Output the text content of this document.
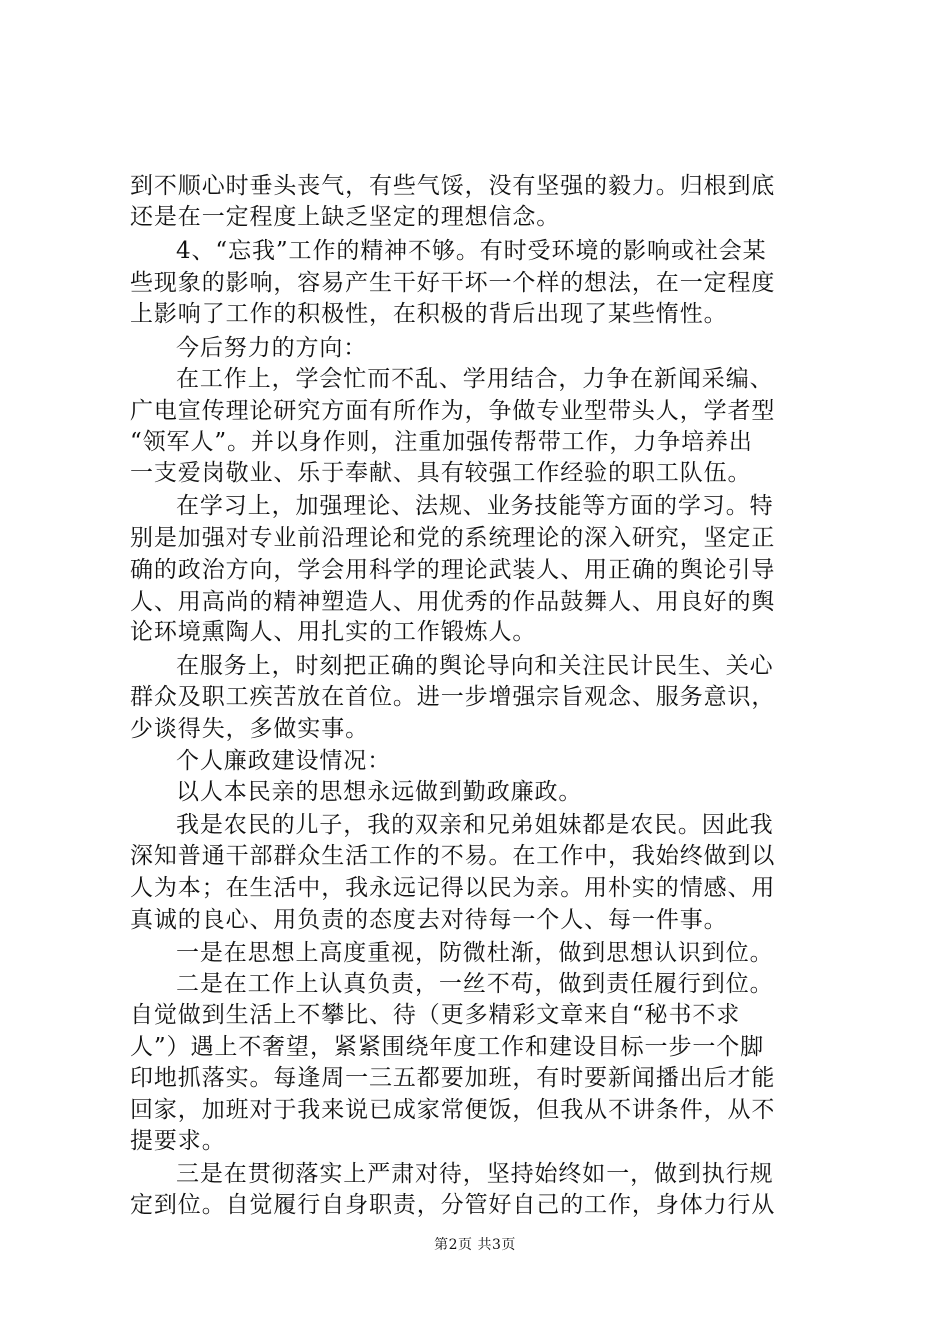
到不顺心时垂头丧气，有些气馁，没有坚强的毅力。归根到底
还是在一定程度上缺乏坚定的理想信念。
4、“忘我”工作的精神不够。有时受环境的影响或社会某
些现象的影响，容易产生干好干坏一个样的想法，在一定程度
上影响了工作的积极性，在积极的背后出现了某些惰性。
今后努力的方向：
在工作上，学会忙而不乱、学用结合，力争在新闻采编、
广电宣传理论研究方面有所作为，争做专业型带头人，学者型
“领军人”。并以身作则，注重加强传帮带工作，力争培养出
一支爱岗敬业、乐于奉献、具有较强工作经验的职工队伍。
在学习上，加强理论、法规、业务技能等方面的学习。特
别是加强对专业前沿理论和党的系统理论的深入研究，坚定正
确的政治方向，学会用科学的理论武装人、用正确的舆论引导
人、用高尚的精神塑造人、用优秀的作品鼓舞人、用良好的舆
论环境熏陶人、用扎实的工作锻炼人。
在服务上，时刻把正确的舆论导向和关注民计民生、关心
群众及职工疾苦放在首位。进一步增强宗旨观念、服务意识，
少谈得失，多做实事。
个人廉政建设情况：
以人本民亲的思想永远做到勤政廉政。
我是农民的儿子，我的双亲和兄弟姐妹都是农民。因此我
深知普通干部群众生活工作的不易。在工作中，我始终做到以
人为本；在生活中，我永远记得以民为亲。用朴实的情感、用
真诚的良心、用负责的态度去对待每一个人、每一件事。
一是在思想上高度重视，防微杜渐，做到思想认识到位。
二是在工作上认真负责，一丝不苟，做到责任履行到位。
自觉做到生活上不攀比、待（更多精彩文章来自“秘书不求
人”）遇上不奢望，紧紧围绕年度工作和建设目标一步一个脚
印地抓落实。每逢周一三五都要加班，有时要新闻播出后才能
回家，加班对于我来说已成家常便饭，但我从不讲条件，从不
提要求。
三是在贯彻落实上严肃对待，坚持始终如一，做到执行规
定到位。自觉履行自身职责，分管好自己的工作，身体力行从
第2页 共3页
